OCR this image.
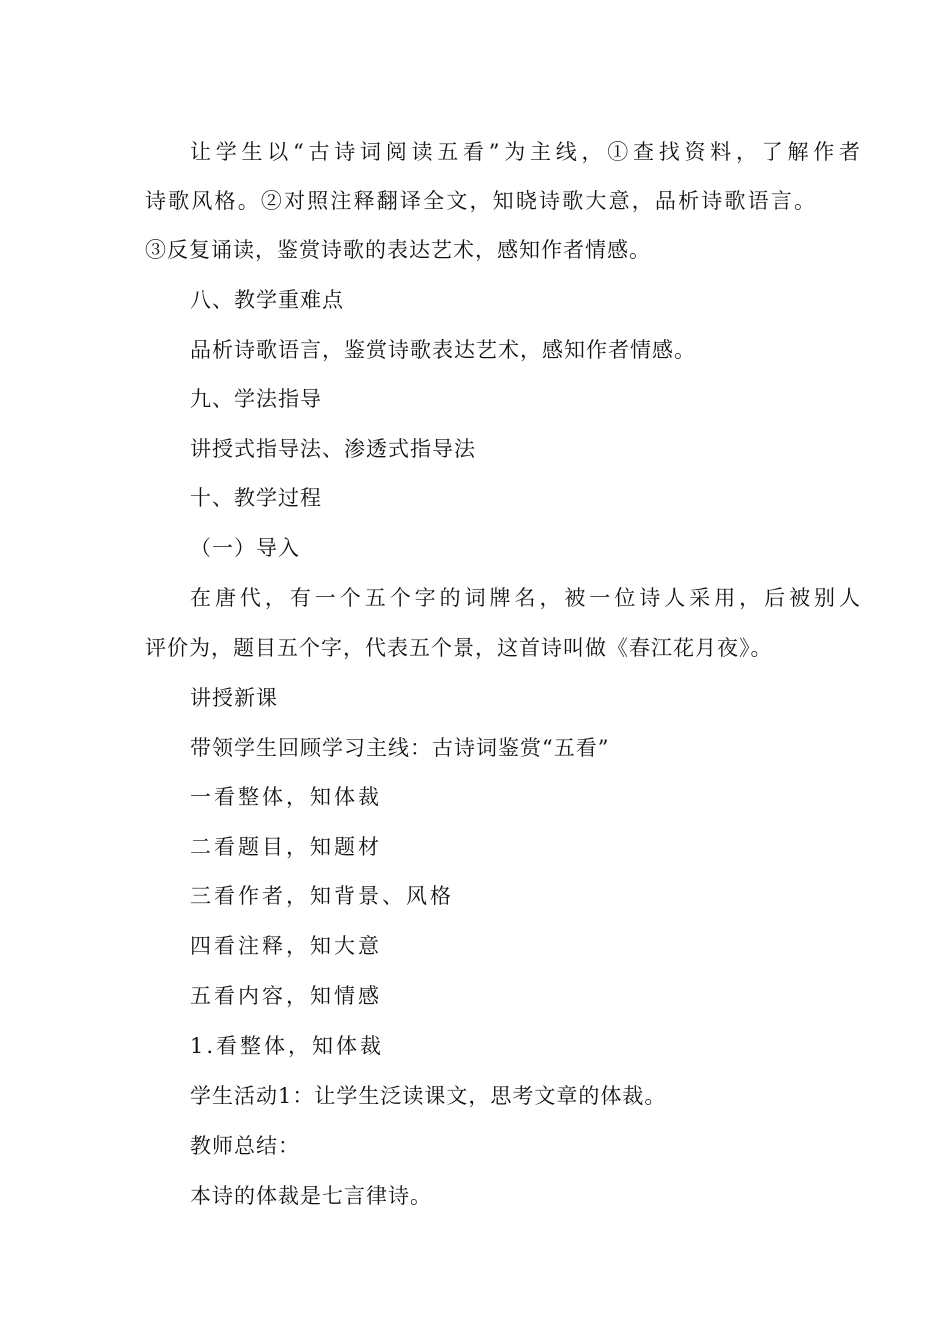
让学生以“古诗词阅读五看”为主线，①查找资料，了解作者
诗歌风格。②对照注释翻译全文，知晓诗歌大意，品析诗歌语言。
③反复诵读，鉴赏诗歌的表达艺术，感知作者情感。
八、教学重难点
品析诗歌语言，鉴赏诗歌表达艺术，感知作者情感。
九、学法指导
讲授式指导法、渗透式指导法
十、教学过程
（一）导入
在唐代，有一个五个字的词牌名，被一位诗人采用，后被别人
评价为，题目五个字，代表五个景，这首诗叫做《春江花月夜》。
讲授新课
带领学生回顾学习主线：古诗词鉴赏“五看”
一看整体，知体裁
二看题目，知题材
三看作者，知背景、风格
四看注释，知大意
五看内容，知情感
1.看整体，知体裁
学生活动1：让学生泛读课文，思考文章的体裁。
教师总结：
本诗的体裁是七言律诗。
